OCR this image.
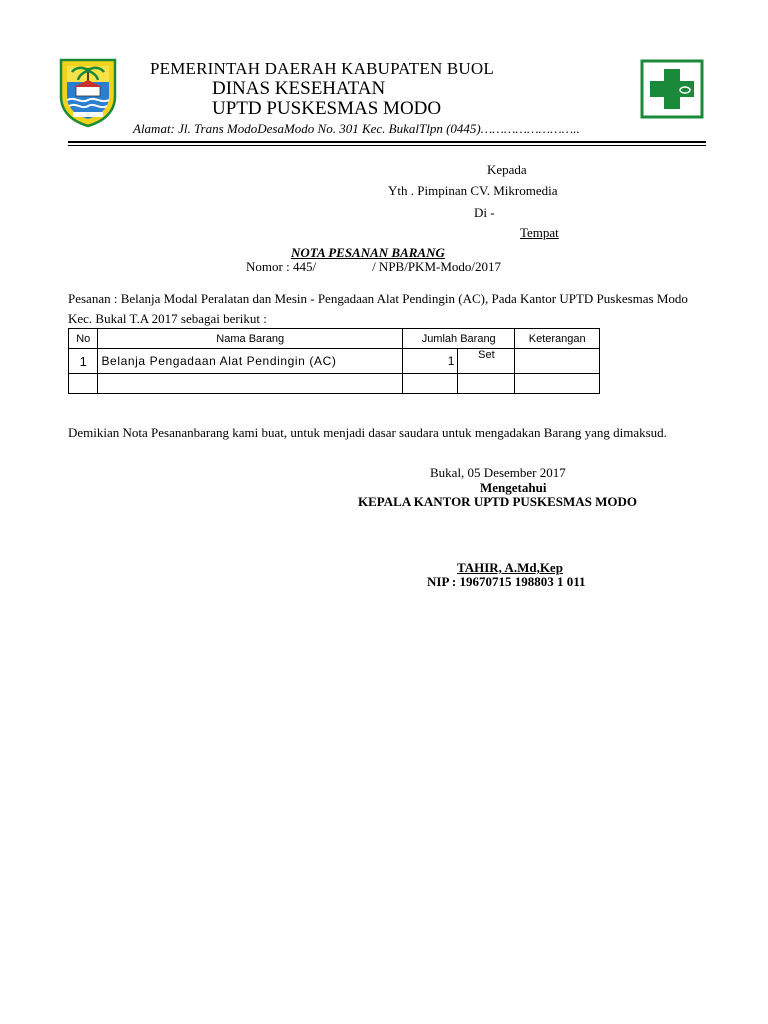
PEMERINTAH DAERAH KABUPATEN BUOL
DINAS KESEHATAN
UPTD PUSKESMAS MODO
Alamat: Jl. Trans ModoDesaModo No. 301 Kec. BukalTlpn (0445)……………………..
Kepada
Yth . Pimpinan CV. Mikromedia
Di -
Tempat
NOTA PESANAN BARANG
Nomor : 445/	/ NPB/PKM-Modo/2017
Pesanan : Belanja Modal Peralatan dan Mesin - Pengadaan Alat Pendingin (AC), Pada Kantor UPTD Puskesmas Modo Kec. Bukal T.A 2017 sebagai berikut :
No	Nama Barang	Jumlah Barang		Keterangan
1	Belanja Pengadaan Alat Pendingin (AC)	1	Set	

Demikian Nota Pesananbarang kami buat, untuk menjadi dasar saudara untuk mengadakan Barang yang dimaksud.
Bukal, 05 Desember 2017
Mengetahui
KEPALA KANTOR UPTD PUSKESMAS MODO
TAHIR, A.Md,Kep
NIP : 19670715 198803 1 011
